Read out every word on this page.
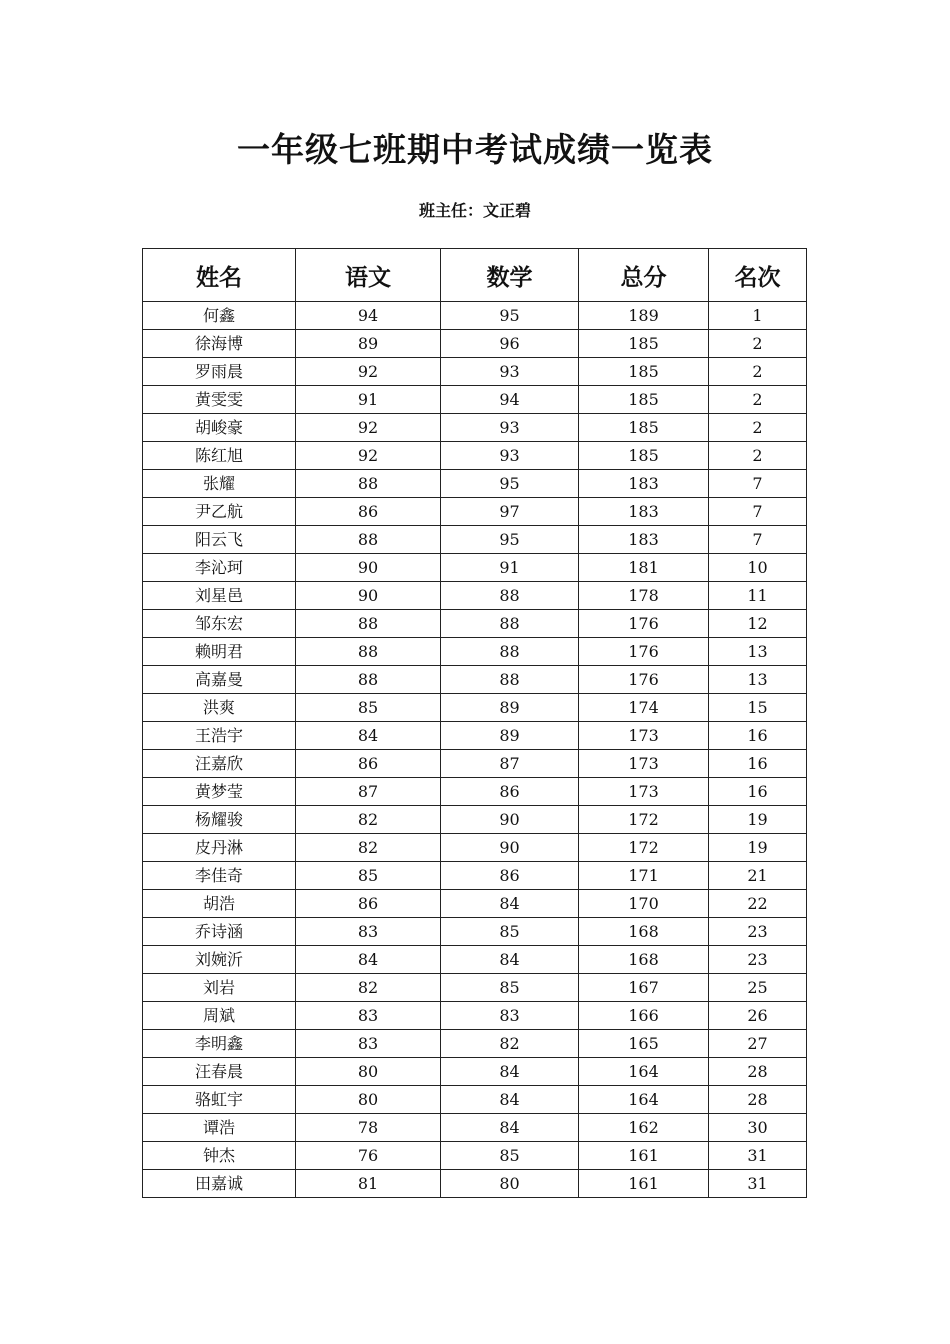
一年级七班期中考试成绩一览表
班主任：文正碧
姓名	语文	数学	总分	名次
何鑫	94	95	189	1
徐海博	89	96	185	2
罗雨晨	92	93	185	2
黄雯雯	91	94	185	2
胡峻豪	92	93	185	2
陈红旭	92	93	185	2
张耀	88	95	183	7
尹乙航	86	97	183	7
阳云飞	88	95	183	7
李沁珂	90	91	181	10
刘星邑	90	88	178	11
邹东宏	88	88	176	12
赖明君	88	88	176	13
高嘉曼	88	88	176	13
洪爽	85	89	174	15
王浩宇	84	89	173	16
汪嘉欣	86	87	173	16
黄梦莹	87	86	173	16
杨耀骏	82	90	172	19
皮丹淋	82	90	172	19
李佳奇	85	86	171	21
胡浩	86	84	170	22
乔诗涵	83	85	168	23
刘婉沂	84	84	168	23
刘岩	82	85	167	25
周斌	83	83	166	26
李明鑫	83	82	165	27
汪春晨	80	84	164	28
骆虹宇	80	84	164	28
谭浩	78	84	162	30
钟杰	76	85	161	31
田嘉诚	81	80	161	31
